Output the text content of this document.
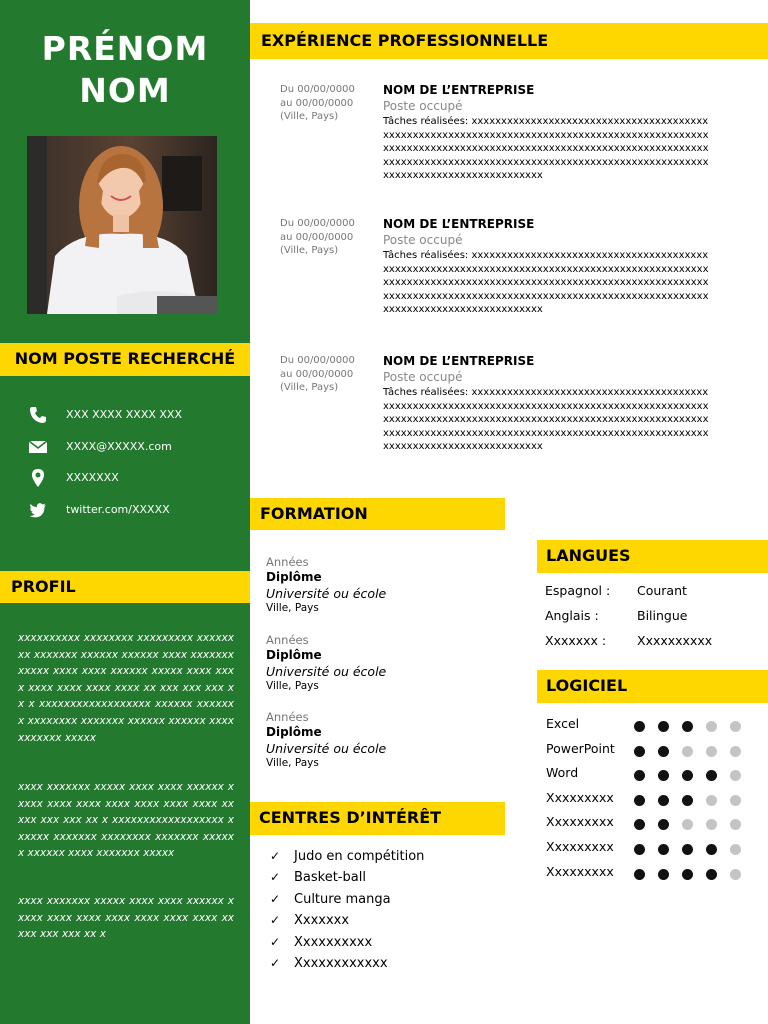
PRÉNOM
NOM
NOM POSTE RECHERCHÉ
XXX XXXX XXXX XXX
XXXX@XXXXX.com
XXXXXXX
twitter.com/XXXXX
PROFIL

xxxxxxxxxx xxxxxxxx xxxxxxxxx xxxxxxxx xxxxxxx xxxxxx xxxxxx xxxx xxxxxxx xxxxx xxxx xxxx xxxxxx xxxxx xxxx xxxx xxxx xxxx xxxx xxxx xx xxx xxx xxx xx x xxxxxxxxxxxxxxxxxx xxxxxx xxxxxxx xxxxxxxx xxxxxxx xxxxxx xxxxxx xxxx xxxxxxx xxxxx

xxxx xxxxxxx xxxxx xxxx xxxx xxxxxx xxxxx xxxx xxxx xxxx xxxx xxxx xxxx xx xxx xxx xxx xx x xxxxxxxxxxxxxxxxxx xxxxxx xxxxxxx xxxxxxxx xxxxxxx xxxxxx xxxxxx xxxx xxxxxxx xxxxx

xxxx xxxxxxx xxxxx xxxx xxxx xxxxxx xxxxx xxxx xxxx xxxx xxxx xxxx xxxx xx xxx xxx xxx xx x

EXPÉRIENCE PROFESSIONNELLE
Du 00/00/0000
au 00/00/0000
(Ville, Pays)
NOM DE L’ENTREPRISE
Poste occupé
Tâches réalisées: xxxxxxxxxxxxxxxxxxxxxxxxxxxxxxxxxxxxxxxxxxxxxxxxxxxxxxxxxxxxxxxxxxxxxxxxxxxxxxxxxxxxxxxxxxxxxxxxxxxxxxxxxxxxxxxxxxxxxxxxxxxxxxxxxxxxxxxxxxxxxxxxxxxxxxxxxxxxxxxxxxxxxxxxxxxxxxxxxxxxxxxxxxxxxxxxxxxxxxxxxxxxxxxxxxxxxxxxxxxxxxxxxxxxxxxx
Du 00/00/0000
au 00/00/0000
(Ville, Pays)
NOM DE L’ENTREPRISE
Poste occupé
Tâches réalisées: xxxxxxxxxxxxxxxxxxxxxxxxxxxxxxxxxxxxxxxxxxxxxxxxxxxxxxxxxxxxxxxxxxxxxxxxxxxxxxxxxxxxxxxxxxxxxxxxxxxxxxxxxxxxxxxxxxxxxxxxxxxxxxxxxxxxxxxxxxxxxxxxxxxxxxxxxxxxxxxxxxxxxxxxxxxxxxxxxxxxxxxxxxxxxxxxxxxxxxxxxxxxxxxxxxxxxxxxxxxxxxxxxxxxxxxx
Du 00/00/0000
au 00/00/0000
(Ville, Pays)
NOM DE L’ENTREPRISE
Poste occupé
Tâches réalisées: xxxxxxxxxxxxxxxxxxxxxxxxxxxxxxxxxxxxxxxxxxxxxxxxxxxxxxxxxxxxxxxxxxxxxxxxxxxxxxxxxxxxxxxxxxxxxxxxxxxxxxxxxxxxxxxxxxxxxxxxxxxxxxxxxxxxxxxxxxxxxxxxxxxxxxxxxxxxxxxxxxxxxxxxxxxxxxxxxxxxxxxxxxxxxxxxxxxxxxxxxxxxxxxxxxxxxxxxxxxxxxxxxxxxxxxx
FORMATION
Années
Diplôme
Université ou école
Ville, Pays
Années
Diplôme
Université ou école
Ville, Pays
Années
Diplôme
Université ou école
Ville, Pays
CENTRES D’INTÉRÊT
✓ Judo en compétition
✓ Basket-ball
✓ Culture manga
✓ Xxxxxxx
✓ Xxxxxxxxxx
✓ Xxxxxxxxxxxx
LANGUES
Espagnol : Courant
Anglais :	Bilingue
Xxxxxxx : Xxxxxxxxxx
LOGICIEL
Excel
PowerPoint
Word
Xxxxxxxxx
Xxxxxxxxx
Xxxxxxxxx
Xxxxxxxxx
